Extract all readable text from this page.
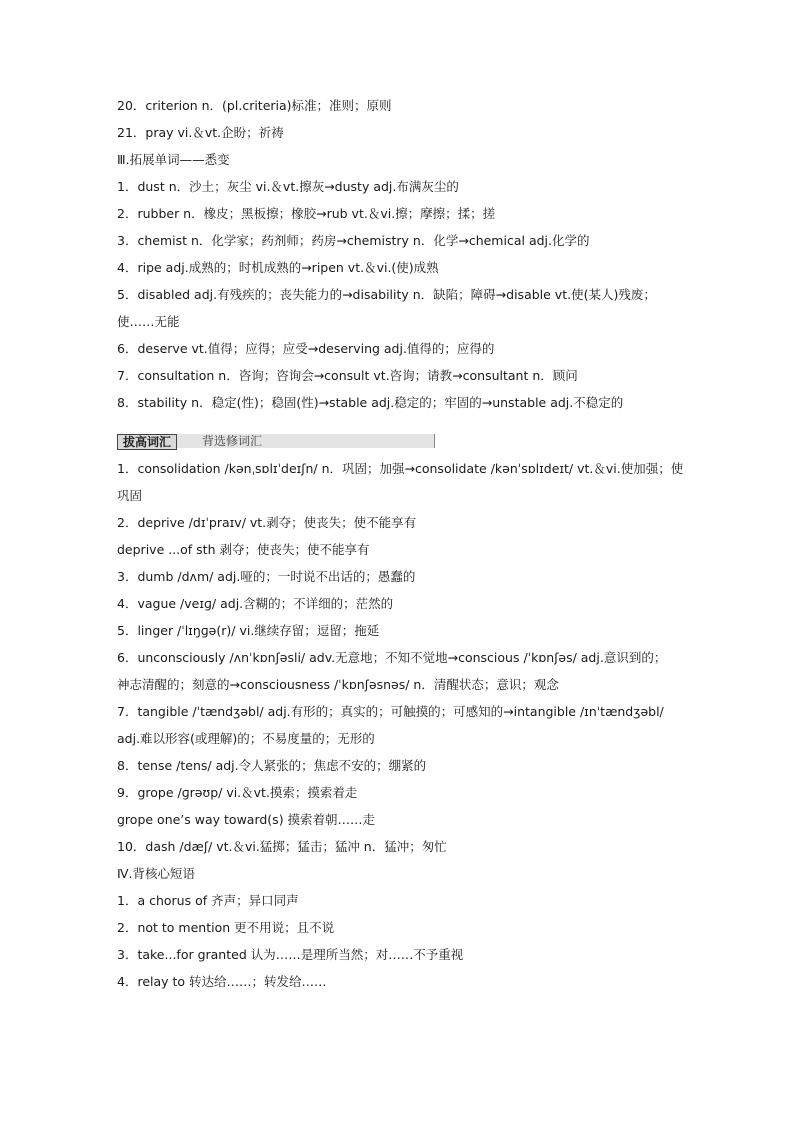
20．criterion n．(pl.criteria)标准；准则；原则
21．pray vi.＆vt.企盼；祈祷
Ⅲ.拓展单词——悉变
1．dust n．沙土；灰尘 vi.＆vt.擦灰→dusty adj.布满灰尘的
2．rubber n．橡皮；黑板擦；橡胶→rub vt.＆vi.擦；摩擦；揉；搓
3．chemist n．化学家；药剂师；药房→chemistry n．化学→chemical adj.化学的
4．ripe adj.成熟的；时机成熟的→ripen vt.＆vi.(使)成熟
5．disabled adj.有残疾的；丧失能力的→disability n．缺陷；障碍→disable vt.使(某人)残废；
使……无能
6．deserve vt.值得；应得；应受→deserving adj.值得的；应得的
7．consultation n．咨询；咨询会→consult vt.咨询；请教→consultant n．顾问
8．stability n．稳定(性)；稳固(性)→stable adj.稳定的；牢固的→unstable adj.不稳定的
拔高词汇	背选修词汇
1．consolidation /kənˌsɒlɪˈdeɪʃn/ n．巩固；加强→consolidate /kənˈsɒlɪdeɪt/ vt.＆vi.使加强；使
巩固
2．deprive /dɪˈpraɪv/ vt.剥夺；使丧失；使不能享有
deprive ...of sth 剥夺；使丧失；使不能享有
3．dumb /dʌm/ adj.哑的；一时说不出话的；愚蠢的
4．vague /veɪɡ/ adj.含糊的；不详细的；茫然的
5．linger /ˈlɪŋɡə(r)/ vi.继续存留；逗留；拖延
6．unconsciously /ʌnˈkɒnʃəsli/ adv.无意地；不知不觉地→conscious /ˈkɒnʃəs/ adj.意识到的；
神志清醒的；刻意的→consciousness /ˈkɒnʃəsnəs/ n．清醒状态；意识；观念
7．tangible /ˈtændʒəbl/ adj.有形的；真实的；可触摸的；可感知的→intangible /ɪnˈtændʒəbl/
adj.难以形容(或理解)的；不易度量的；无形的
8．tense /tens/ adj.令人紧张的；焦虑不安的；绷紧的
9．grope /ɡrəʊp/ vi.＆vt.摸索；摸索着走
grope one’s way toward(s) 摸索着朝……走
10．dash /dæʃ/ vt.＆vi.猛掷；猛击；猛冲 n．猛冲；匆忙
Ⅳ.背核心短语
1．a chorus of 齐声；异口同声
2．not to mention 更不用说；且不说
3．take...for granted 认为……是理所当然；对……不予重视
4．relay to 转达给……；转发给……
